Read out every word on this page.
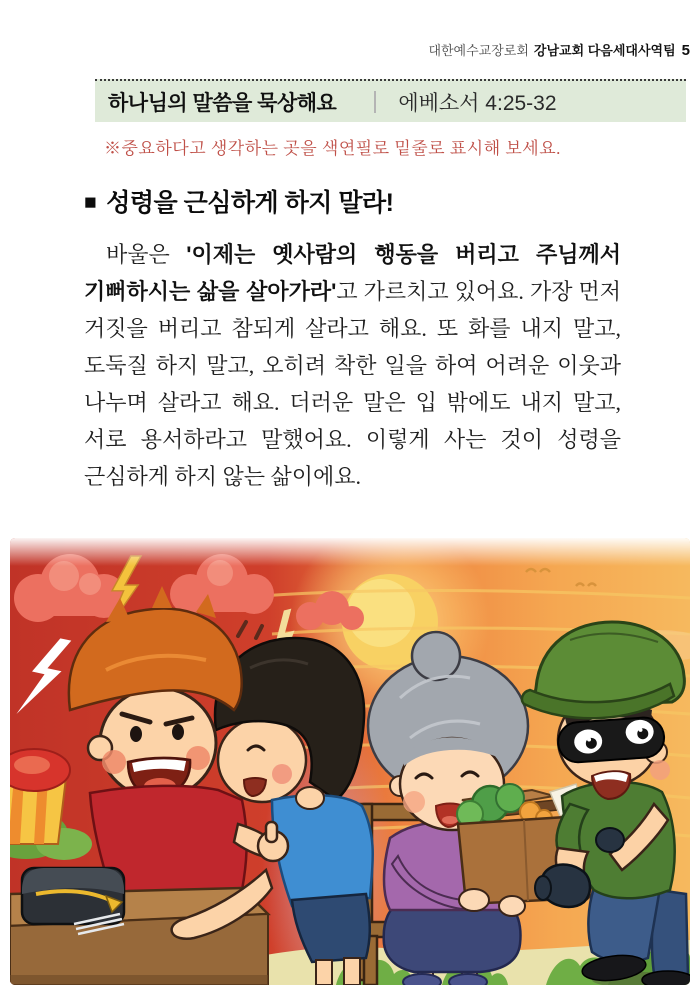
대한예수교장로회 강남교회 다음세대사역팀 5
하나님의 말씀을 묵상해요	에베소서 4:25-32
※중요하다고 생각하는 곳을 색연필로 밑줄로 표시해 보세요.
■ 성령을 근심하게 하지 말라!
바울은 '이제는 옛사람의 행동을 버리고 주님께서 기뻐하시는 삶을 살아가라'고 가르치고 있어요. 가장 먼저 거짓을 버리고 참되게 살라고 해요. 또 화를 내지 말고, 도둑질 하지 말고, 오히려 착한 일을 하여 어려운 이웃과 나누며 살라고 해요. 더러운 말은 입 밖에도 내지 말고, 서로 용서하라고 말했어요. 이렇게 사는 것이 성령을 근심하게 하지 않는 삶이에요.
